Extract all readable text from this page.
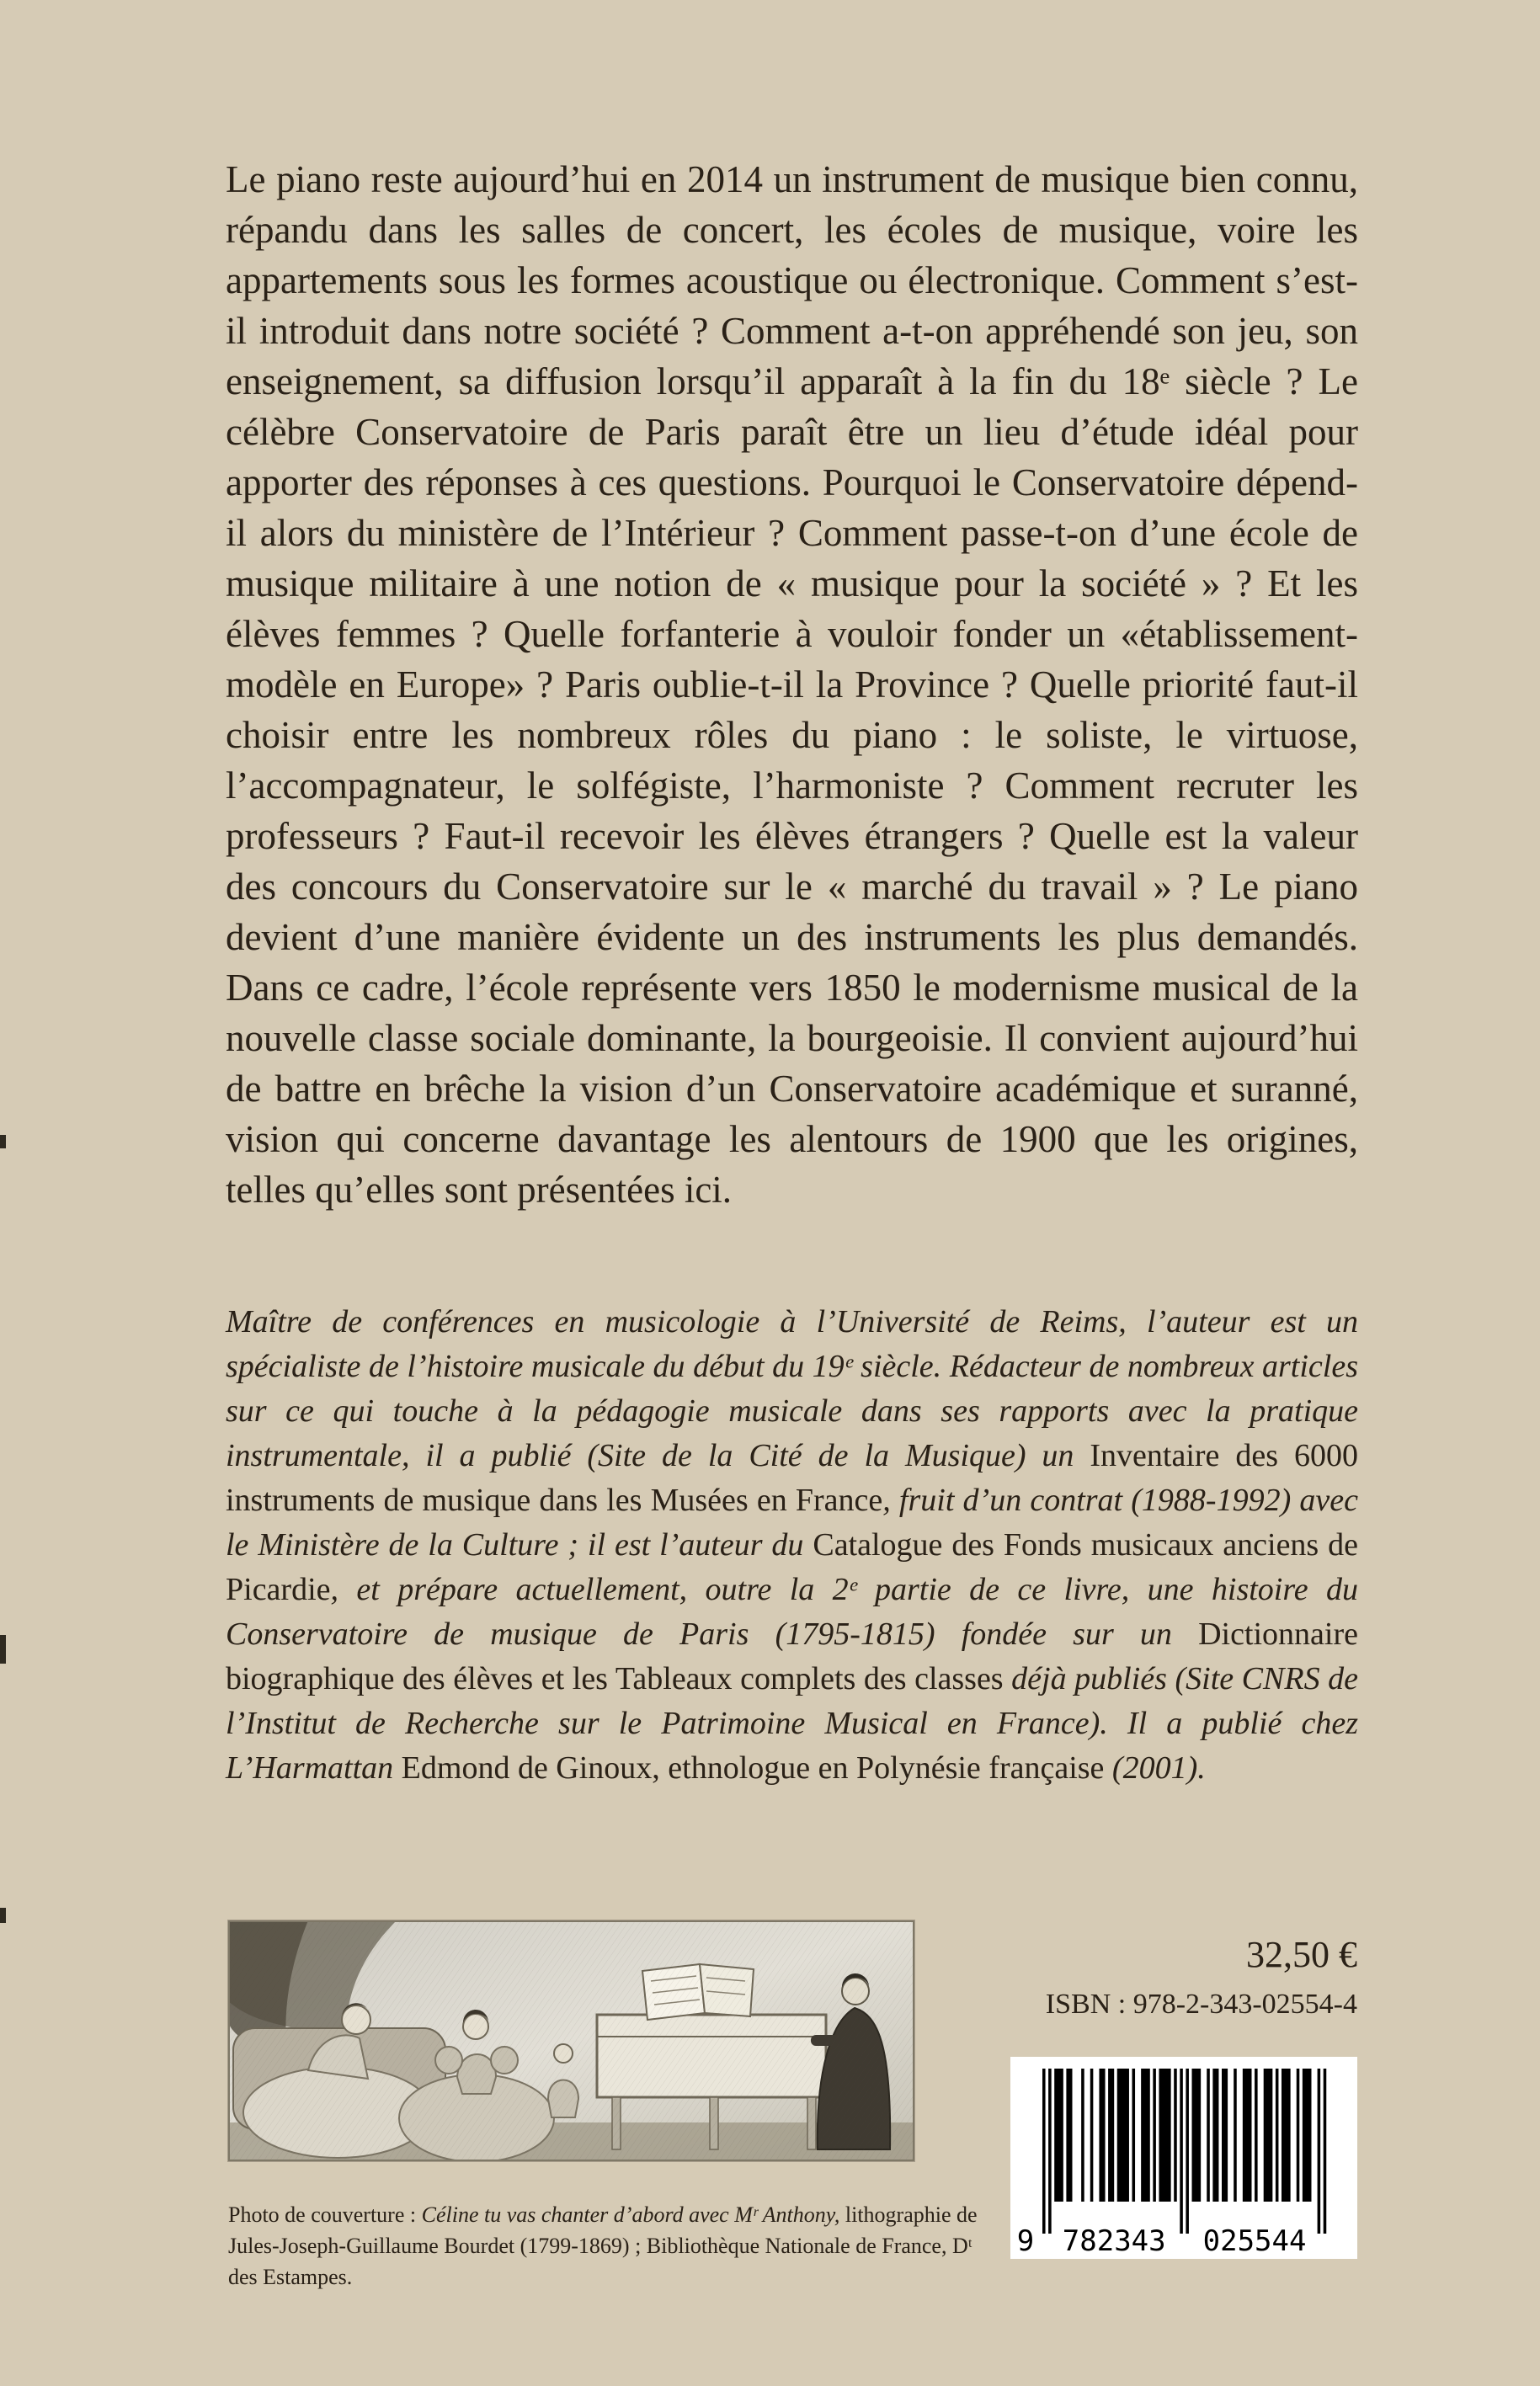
Le piano reste aujourd’hui en 2014 un instrument de musique bien connu, répandu dans les salles de concert, les écoles de musique, voire les appartements sous les formes acoustique ou électronique. Comment s’est-il introduit dans notre société ? Comment a-t-on appréhendé son jeu, son enseignement, sa diffusion lorsqu’il apparaît à la fin du 18ᵉ siècle ? Le célèbre Conservatoire de Paris paraît être un lieu d’étude idéal pour apporter des réponses à ces questions. Pourquoi le Conservatoire dépend-il alors du ministère de l’Intérieur ? Comment passe-t-on d’une école de musique militaire à une notion de « musique pour la société » ? Et les élèves femmes ? Quelle forfanterie à vouloir fonder un «établissement-modèle en Europe» ? Paris oublie-t-il la Province ? Quelle priorité faut-il choisir entre les nombreux rôles du piano : le soliste, le virtuose, l’accompagnateur, le solfégiste, l’harmoniste ? Comment recruter les professeurs ? Faut-il recevoir les élèves étrangers ? Quelle est la valeur des concours du Conservatoire sur le « marché du travail » ? Le piano devient d’une manière évidente un des instruments les plus demandés. Dans ce cadre, l’école représente vers 1850 le modernisme musical de la nouvelle classe sociale dominante, la bourgeoisie. Il convient aujourd’hui de battre en brêche la vision d’un Conservatoire académique et suranné, vision qui concerne davantage les alentours de 1900 que les origines, telles qu’elles sont présentées ici.

Maître de conférences en musicologie à l’Université de Reims, l’auteur est un spécialiste de l’histoire musicale du début du 19ᵉ siècle. Rédacteur de nombreux articles sur ce qui touche à la pédagogie musicale dans ses rapports avec la pratique instrumentale, il a publié (Site de la Cité de la Musique) un Inventaire des 6000 instruments de musique dans les Musées en France, fruit d’un contrat (1988-1992) avec le Ministère de la Culture ; il est l’auteur du Catalogue des Fonds musicaux anciens de Picardie, et prépare actuellement, outre la 2ᵉ partie de ce livre, une histoire du Conservatoire de musique de Paris (1795-1815) fondée sur un Dictionnaire biographique des élèves et les Tableaux complets des classes déjà publiés (Site CNRS de l’Institut de Recherche sur le Patrimoine Musical en France). Il a publié chez L’Harmattan Edmond de Ginoux, ethnologue en Polynésie française (2001).

Photo de couverture : Céline tu vas chanter d’abord avec Mʳ Anthony, lithographie de Jules-Joseph-Guillaume Bourdet (1799-1869) ; Bibliothèque Nationale de France, Dᵗ des Estampes.

32,50 €
ISBN : 978-2-343-02554-4
9 782343 025544
